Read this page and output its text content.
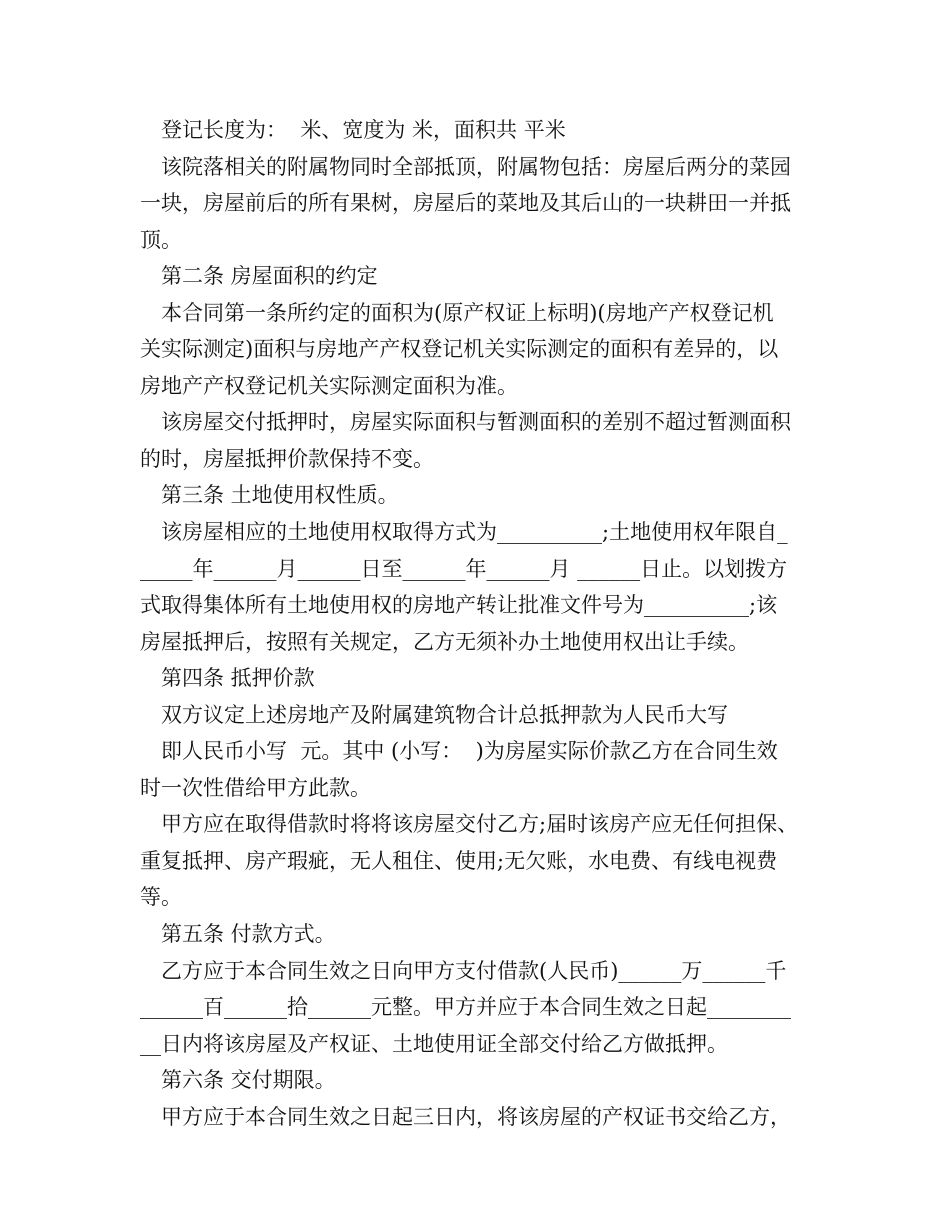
登记长度为：  米、宽度为 米，面积共 平米
该院落相关的附属物同时全部抵顶，附属物包括：房屋后两分的菜园
一块，房屋前后的所有果树，房屋后的菜地及其后山的一块耕田一并抵
顶。
第二条 房屋面积的约定
本合同第一条所约定的面积为(原产权证上标明)(房地产产权登记机
关实际测定)面积与房地产产权登记机关实际测定的面积有差异的，以
房地产产权登记机关实际测定面积为准。
该房屋交付抵押时，房屋实际面积与暂测面积的差别不超过暂测面积
的时，房屋抵押价款保持不变。
第三条 土地使用权性质。
该房屋相应的土地使用权取得方式为__________;土地使用权年限自_
_____年______月______日至______年______月 ______日止。以划拨方
式取得集体所有土地使用权的房地产转让批准文件号为__________;该
房屋抵押后，按照有关规定，乙方无须补办土地使用权出让手续。
第四条 抵押价款
双方议定上述房地产及附属建筑物合计总抵押款为人民币大写
即人民币小写  元。其中 (小写：  )为房屋实际价款乙方在合同生效
时一次性借给甲方此款。
甲方应在取得借款时将将该房屋交付乙方;届时该房产应无任何担保、
重复抵押、房产瑕疵，无人租住、使用;无欠账，水电费、有线电视费
等。
第五条 付款方式。
乙方应于本合同生效之日向甲方支付借款(人民币)______万______千
______百______拾______元整。甲方并应于本合同生效之日起________
__日内将该房屋及产权证、土地使用证全部交付给乙方做抵押。
第六条 交付期限。
甲方应于本合同生效之日起三日内，将该房屋的产权证书交给乙方，
